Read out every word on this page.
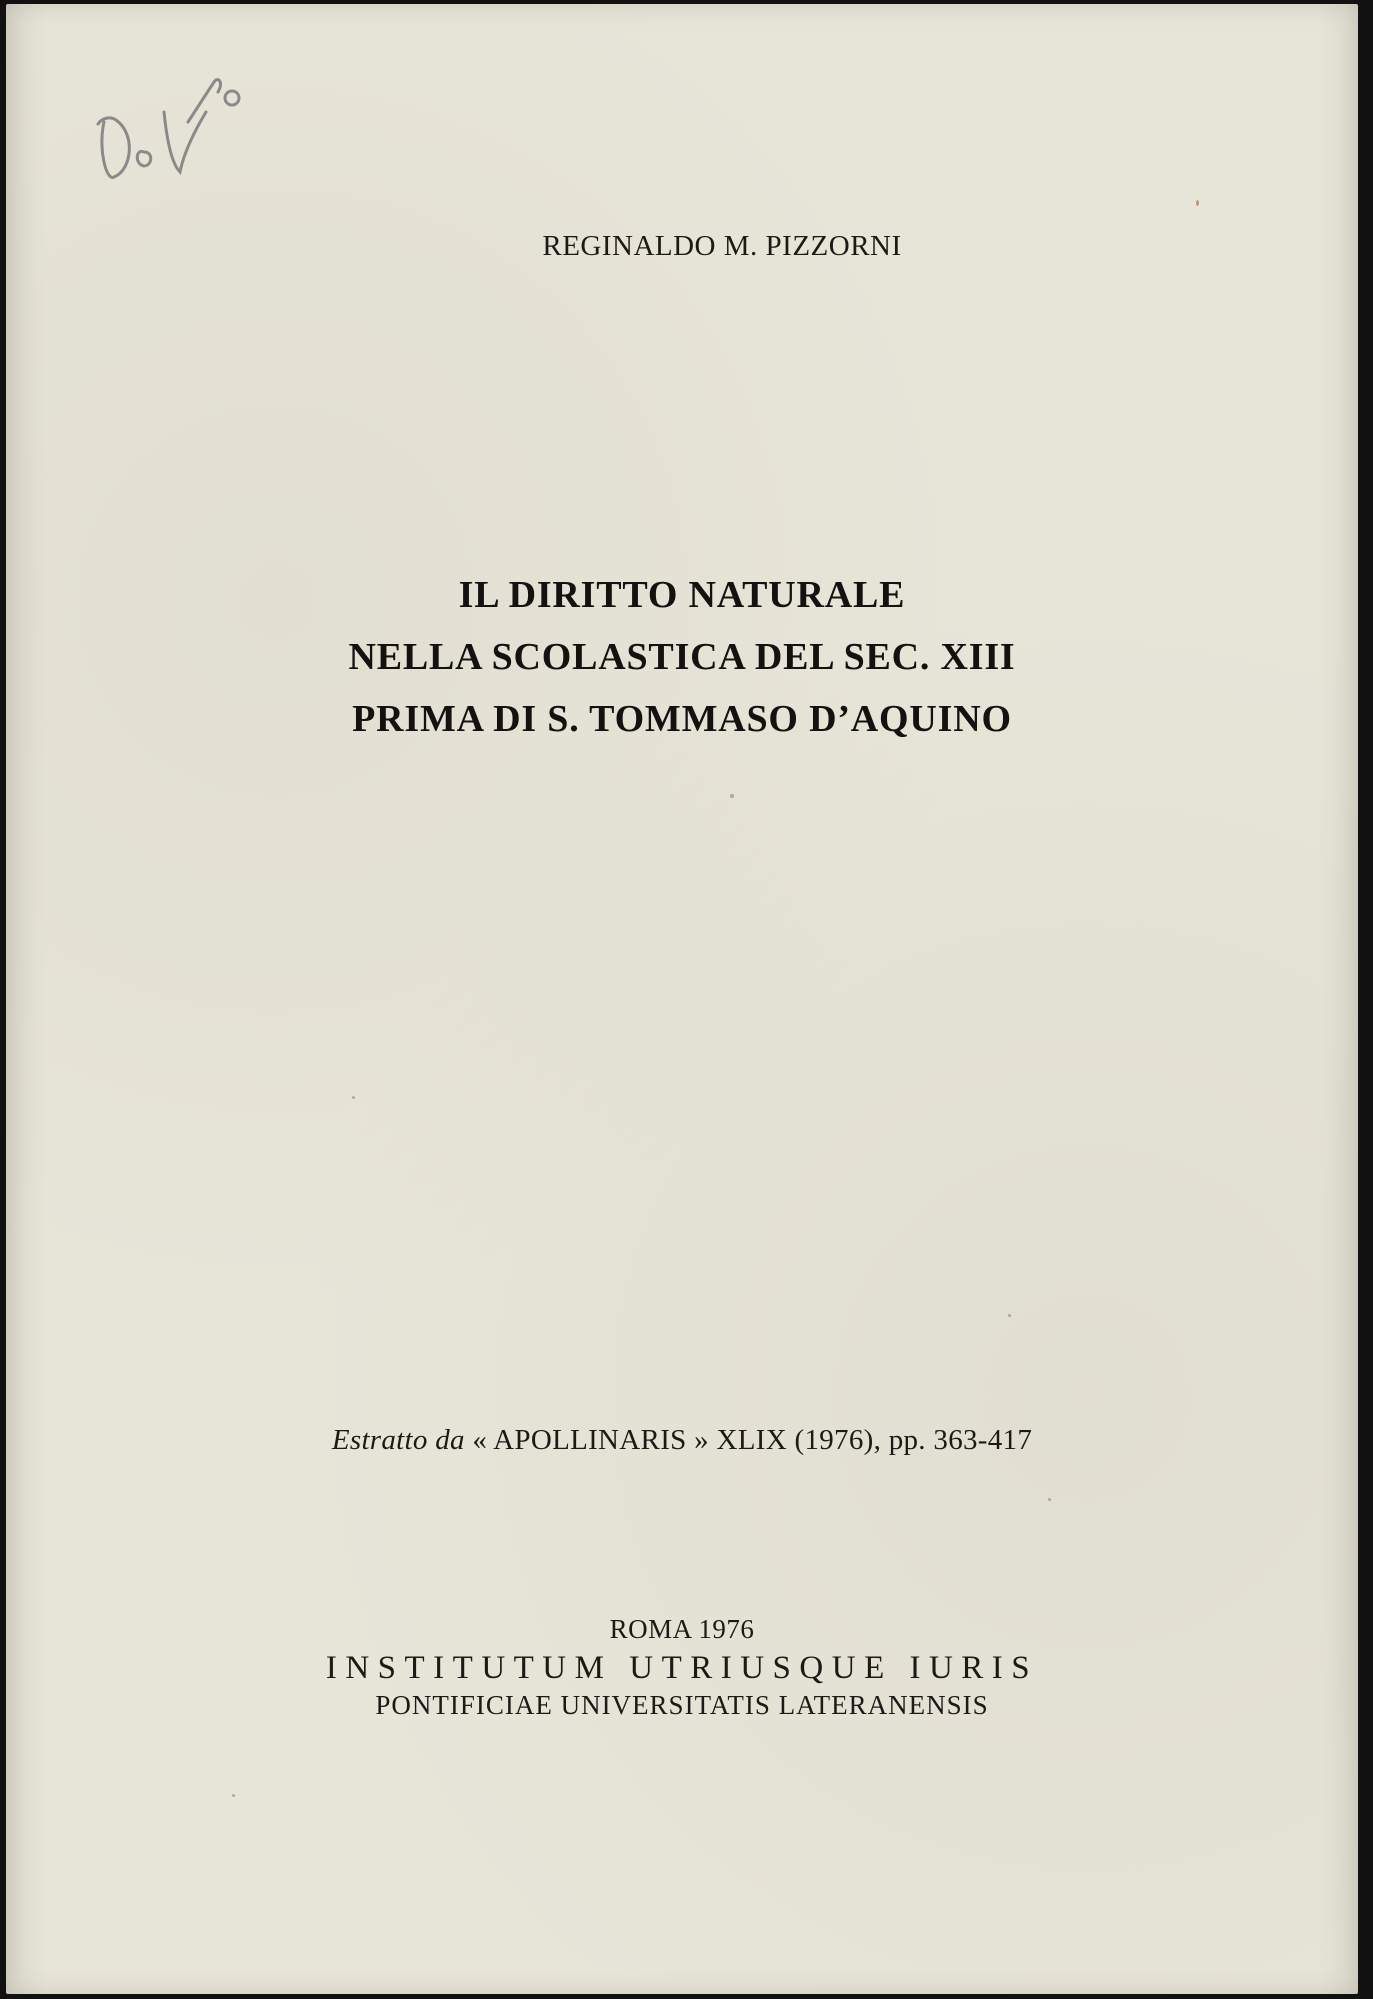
REGINALDO M. PIZZORNI
IL DIRITTO NATURALE
NELLA SCOLASTICA DEL SEC. XIII
PRIMA DI S. TOMMASO D’AQUINO
Estratto da « APOLLINARIS » XLIX (1976), pp. 363-417
ROMA 1976
INSTITUTUM UTRIUSQUE IURIS
PONTIFICIAE UNIVERSITATIS LATERANENSIS
